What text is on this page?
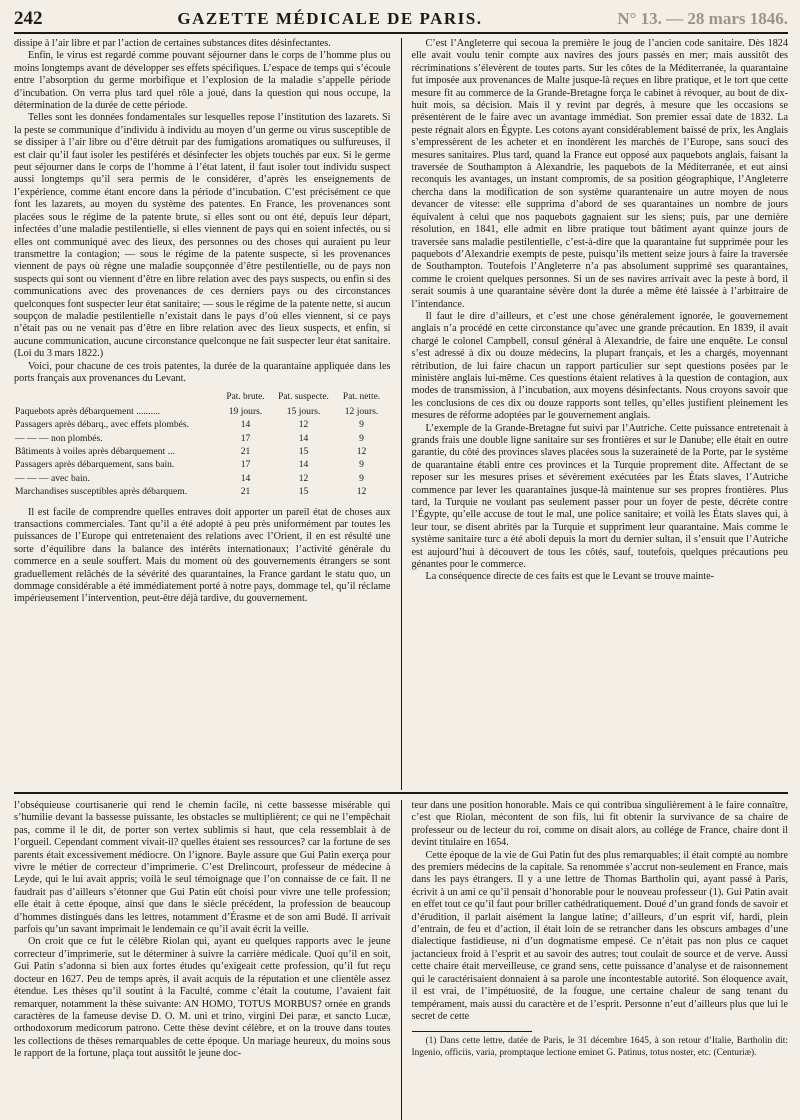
242	GAZETTE MÉDICALE DE PARIS.	N° 13. — 28 mars 1846.

dissipe à l’air libre et par l’action de certaines substances dites désinfectantes.

Enfin, le virus est regardé comme pouvant séjourner dans le corps de l’homme plus ou moins longtemps avant de développer ses effets spécifiques. L’espace de temps qui s’écoule entre l’absorption du germe morbifique et l’explosion de la maladie s’appelle période d’incubation. On verra plus tard quel rôle a joué, dans la question qui nous occupe, la détermination de la durée de cette période.

Telles sont les données fondamentales sur lesquelles repose l’institution des lazarets. Si la peste se communique d’individu à individu au moyen d’un germe ou virus susceptible de se dissiper à l’air libre ou d’être détruit par des fumigations aromatiques ou sulfureuses, il est clair qu’il faut isoler les pestiférés et désinfecter les objets touchés par eux. Si le germe peut séjourner dans le corps de l’homme à l’état latent, il faut isoler tout individu suspect aussi longtemps qu’il sera permis de le considérer, d’après les enseignements de l’expérience, comme étant encore dans la période d’incubation. C’est précisément ce que font les lazarets, au moyen du système des patentes. En France, les provenances sont placées sous le régime de la patente brute, si elles sont ou ont été, depuis leur départ, infectées d’une maladie pestilentielle, si elles viennent de pays qui en soient infectés, ou si elles ont communiqué avec des lieux, des personnes ou des choses qui auraient pu leur transmettre la contagion; — sous le régime de la patente suspecte, si les provenances viennent de pays où règne une maladie soupçonnée d’être pestilentielle, ou de pays non suspects qui sont ou viennent d’être en libre relation avec des pays suspects, ou enfin si des communications avec des provenances de ces derniers pays ou des circonstances quelconques font suspecter leur état sanitaire; — sous le régime de la patente nette, si aucun soupçon de maladie pestilentielle n’existait dans le pays d’où elles viennent, si ce pays n’était pas ou ne venait pas d’être en libre relation avec des lieux suspects, et enfin, si aucune communication, aucune circonstance quelconque ne fait suspecter leur état sanitaire. (Loi du 3 mars 1822.)

Voici, pour chacune de ces trois patentes, la durée de la quarantaine appliquée dans les ports français aux provenances du Levant.

	Pat. brute.	Pat. suspecte.	Pat. nette.
Paquebots après débarquement ..........	19 jours.	15 jours.	12 jours.
Passagers après débarq., avec effets plombés.	14	12	9
— — — non plombés.	17	14	9
Bâtiments à voiles après débarquement ...	21	15	12
Passagers après débarquement, sans bain.	17	14	9
— — — avec bain.	14	12	9
Marchandises susceptibles après débarquem.	21	15	12

Il est facile de comprendre quelles entraves doit apporter un pareil état de choses aux transactions commerciales. Tant qu’il a été adopté à peu près uniformément par toutes les puissances de l’Europe qui entretenaient des relations avec l’Orient, il en est résulté une sorte d’équilibre dans la balance des intérêts internationaux; l’activité générale du commerce en a seule souffert. Mais du moment où des gouvernements étrangers se sont graduellement relâchés de la sévérité des quarantaines, la France gardant le statu quo, un dommage considérable a été immédiatement porté à notre pays, dommage tel, qu’il réclame impérieusement l’intervention, peut-être déjà tardive, du gouvernement.

C’est l’Angleterre qui secoua la première le joug de l’ancien code sanitaire. Dès 1824 elle avait voulu tenir compte aux navires des jours passés en mer; mais aussitôt des récriminations s’élevèrent de toutes parts. Sur les côtes de la Méditerranée, la quarantaine fut imposée aux provenances de Malte jusque-là reçues en libre pratique, et le tort que cette mesure fit au commerce de la Grande-Bretagne força le cabinet à révoquer, au bout de dix-huit mois, sa décision. Mais il y revint par degrés, à mesure que les occasions se présentèrent de le faire avec un avantage immédiat. Son premier essai date de 1832. La peste régnait alors en Égypte. Les cotons ayant considérablement baissé de prix, les Anglais s’empressèrent de les acheter et en inondèrent les marchés de l’Europe, sans souci des mesures sanitaires. Plus tard, quand la France eut opposé aux paquebots anglais, faisant la traversée de Southampton à Alexandrie, les paquebots de la Méditerranée, et eut ainsi reconquis les avantages, un instant compromis, de sa position géographique, l’Angleterre chercha dans la modification de son système quarantenaire un autre moyen de nous devancer de vitesse: elle supprima d’abord de ses quarantaines un nombre de jours équivalent à celui que nos paquebots gagnaient sur les siens; puis, par une dernière résolution, en 1841, elle admit en libre pratique tout bâtiment ayant quinze jours de traversée sans maladie pestilentielle, c’est-à-dire que la quarantaine fut supprimée pour les paquebots d’Alexandrie exempts de peste, puisqu’ils mettent seize jours à faire la traversée de Southampton. Toutefois l’Angleterre n’a pas absolument supprimé ses quarantaines, comme le croient quelques personnes. Si un de ses navires arrivait avec la peste à bord, il serait soumis à une quarantaine sévère dont la durée a même été laissée à l’arbitraire de l’intendance.

Il faut le dire d’ailleurs, et c’est une chose généralement ignorée, le gouvernement anglais n’a procédé en cette circonstance qu’avec une grande précaution. En 1839, il avait chargé le colonel Campbell, consul général à Alexandrie, de faire une enquête. Le consul s’est adressé à dix ou douze médecins, la plupart français, et les a chargés, moyennant rétribution, de lui faire chacun un rapport particulier sur sept questions posées par le ministère anglais lui-même. Ces questions étaient relatives à la question de contagion, aux modes de transmission, à l’incubation, aux moyens désinfectants. Nous croyons savoir que les conclusions de ces dix ou douze rapports sont telles, qu’elles justifient pleinement les mesures de réforme adoptées par le gouvernement anglais.

L’exemple de la Grande-Bretagne fut suivi par l’Autriche. Cette puissance entretenait à grands frais une double ligne sanitaire sur ses frontières et sur le Danube; elle était en outre garantie, du côté des provinces slaves placées sous la suzeraineté de la Porte, par le système de quarantaine établi entre ces provinces et la Turquie proprement dite. Affectant de se reposer sur les mesures prises et sévèrement exécutées par les États slaves, l’Autriche commence par lever les quarantaines jusque-là maintenue sur ses propres frontières. Plus tard, la Turquie ne voulant pas seulement passer pour un foyer de peste, décrète contre l’Égypte, qu’elle accuse de tout le mal, une police sanitaire; et voilà les États slaves qui, à leur tour, se disent abrités par la Turquie et suppriment leur quarantaine. Mais comme le système sanitaire turc a été aboli depuis la mort du dernier sultan, il s’ensuit que l’Autriche est aujourd’hui à découvert de tous les côtés, sauf, toutefois, quelques précautions peu génantes pour le commerce.

La conséquence directe de ces faits est que le Levant se trouve mainte-

l’obséquieuse courtisanerie qui rend le chemin facile, ni cette bassesse misérable qui s’humilie devant la bassesse puissante, les obstacles se multiplièrent; ce qui ne l’empêchait pas, comme il le dit, de porter son vertex sublimis si haut, que cela ressemblait à de l’orgueil. Cependant comment vivait-il? quelles étaient ses ressources? car la fortune de ses parents était excessivement médiocre. On l’ignore. Bayle assure que Gui Patin exerça pour vivre le métier de correcteur d’imprimerie. C’est Drelincourt, professeur de médecine à Leyde, qui le lui avait appris; voilà le seul témoignage que l’on connaisse de ce fait. Il ne faudrait pas d’ailleurs s’étonner que Gui Patin eût choisi pour vivre une telle profession; elle était à cette époque, ainsi que dans le siècle précédent, la profession de beaucoup d’hommes distingués dans les lettres, notamment d’Érasme et de son ami Budé. Il arrivait parfois qu’un savant imprimait le lendemain ce qu’il avait écrit la veille.

On croit que ce fut le célèbre Riolan qui, ayant eu quelques rapports avec le jeune correcteur d’imprimerie, sut le déterminer à suivre la carrière médicale. Quoi qu’il en soit, Gui Patin s’adonna si bien aux fortes études qu’exigeait cette profession, qu’il fut reçu docteur en 1627. Peu de temps après, il avait acquis de la réputation et une clientèle assez étendue. Les thèses qu’il soutint à la Faculté, comme c’était la coutume, l’avaient fait remarquer, notamment la thèse suivante: AN HOMO, TOTUS MORBUS? ornée en grands caractères de la fameuse devise D. O. M. uni et trino, virgini Dei paræ, et sancto Lucæ, orthodoxorum medicorum patrono. Cette thèse devint célèbre, et on la trouve dans toutes les collections de thèses remarquables de cette époque. Un mariage heureux, du moins sous le rapport de la fortune, plaça tout aussitôt le jeune doc-

teur dans une position honorable. Mais ce qui contribua singulièrement à le faire connaître, c’est que Riolan, mécontent de son fils, lui fit obtenir la survivance de sa chaire de professeur ou de lecteur du roi, comme on disait alors, au collége de France, chaire dont il devint titulaire en 1654.

Cette époque de la vie de Gui Patin fut des plus remarquables; il était compté au nombre des premiers médecins de la capitale. Sa renommée s’accrut non-seulement en France, mais dans les pays étrangers. Il y a une lettre de Thomas Bartholin qui, ayant passé à Paris, écrivit à un ami ce qu’il pensait d’honorable pour le nouveau professeur (1). Gui Patin avait en effet tout ce qu’il faut pour briller cathédratiquement. Doué d’un grand fonds de savoir et d’érudition, il parlait aisément la langue latine; d’ailleurs, d’un esprit vif, hardi, plein d’entrain, de feu et d’action, il était loin de se retrancher dans les obscurs ambages d’une dialectique fastidieuse, ni d’un dogmatisme empesé. Ce n’était pas non plus ce caquet jactancieux froid à l’esprit et au savoir des autres; tout coulait de source et de verve. Aussi cette chaire était merveilleuse, ce grand sens, cette puissance d’analyse et de raisonnement qui le caractérisaient donnaient à sa parole une incontestable autorité. Son éloquence avait, il est vrai, de l’impétuosité, de la fougue, une certaine chaleur de sang tenant du tempérament, mais aussi du caractère et de l’esprit. Personne n’eut d’ailleurs plus que lui le secret de cette

(1) Dans cette lettre, datée de Paris, le 31 décembre 1645, à son retour d’Italie, Bartholin dit: Ingenio, officiis, varia, promptaque lectione eminet G. Patinus, totus noster, etc. (Centuriæ).
